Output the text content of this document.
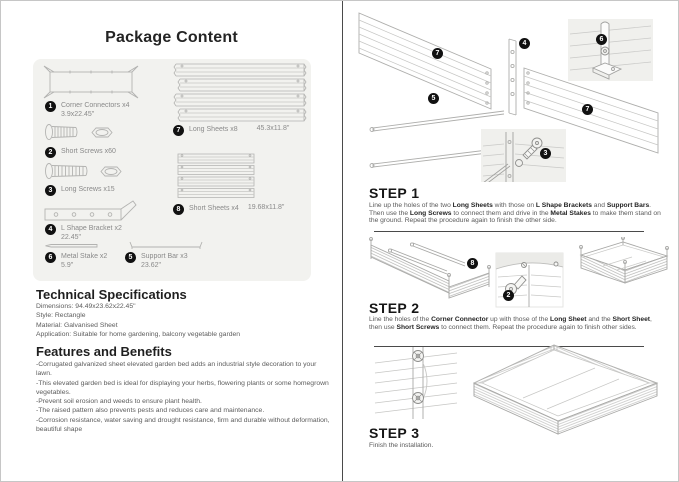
Package Content
1	Corner Connectors x4
3.9x22.45"
2	Short Screws x60
3	Long Screws x15
4	L Shape Bracket x2
22.45"
6	Metal Stake x2
5.9"
5	Support Bar x3
23.62"
7	Long Sheets x8	45.3x11.8"
8	Short Sheets x4 19.68x11.8"
Technical Specifications
Dimensions: 94.49x23.62x22.45"
Style: Rectangle
Material: Galvanised Sheet
Application: Suitable for home gardening, balcony vegetable garden
Features and Benefits
-Corrugated galvanized sheet elevated garden bed adds an industrial style decoration to your lawn.
-This elevated garden bed is ideal for displaying your herbs, flowering plants or some homegrown vegetables.
-Prevent soil erosion and weeds to ensure plant health.
-The raised pattern also prevents pests and reduces care and maintenance.
-Corrosion resistance, water saving and drought resistance, firm and durable without deformation, beautiful shape
7
4
5
7
6
3
STEP 1
Line up the holes of the two Long Sheets with those on L Shape Brackets and Support Bars. Then use the Long Screws to connect them and drive in the Metal Stakes to make them stand on the ground. Repeat the procedure again to finish the other side.
8
2
STEP 2
Line the holes of the Corner Connector up with those of the Long Sheet and the Short Sheet, then use Short Screws to connect them. Repeat the procedure again to finish other sides.
STEP 3
Finish the installation.
